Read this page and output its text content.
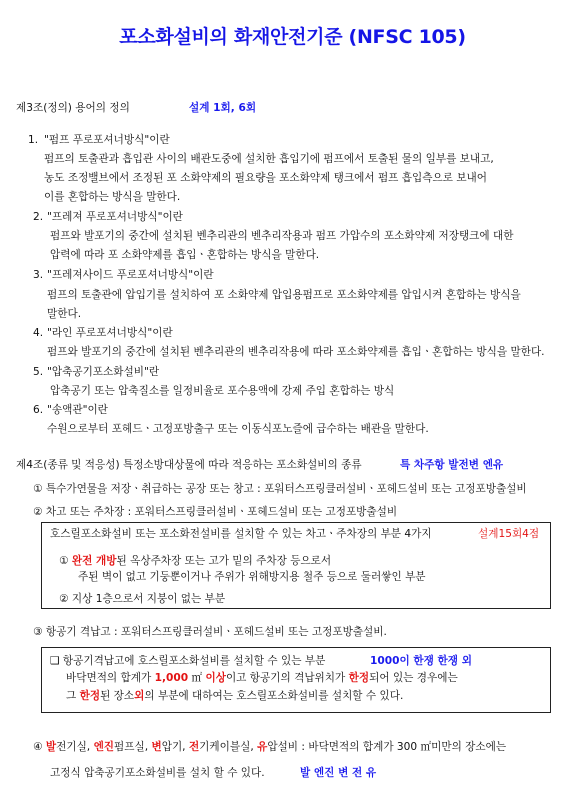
포소화설비의 화재안전기준 (NFSC 105)
제3조(정의) 용어의 정의	설계 1회, 6회
1. "펌프 푸로포셔너방식"이란
펌프의 토출관과 흡입관 사이의 배관도중에 설치한 흡입기에 펌프에서 토출된 물의 일부를 보내고,
농도 조정밸브에서 조정된 포 소화약제의 필요량을 포소화약제 탱크에서 펌프 흡입측으로 보내어
이를 혼합하는 방식을 말한다.
2. "프레져 푸로포셔너방식"이란
펌프와 발포기의 중간에 설치된 벤추리관의 벤추리작용과 펌프 가압수의 포소화약제 저장탱크에 대한
압력에 따라 포 소화약제를 흡입ㆍ혼합하는 방식을 말한다.
3. "프레져사이드 푸로포셔너방식"이란
펌프의 토출관에 압입기를 설치하여 포 소화약제 압입용펌프로 포소화약제를 압입시켜 혼합하는 방식을
말한다.
4. "라인 푸로포셔너방식"이란
펌프와 발포기의 중간에 설치된 벤추리관의 벤추리작용에 따라 포소화약제를 흡입ㆍ혼합하는 방식을 말한다.
5. "압축공기포소화설비"란
압축공기 또는 압축질소를 일정비율로 포수용액에 강제 주입 혼합하는 방식
6. "송액관"이란
수원으로부터 포헤드ㆍ고정포방출구 또는 이동식포노즐에 급수하는 배관을 말한다.
제4조(종류 및 적응성) 특정소방대상물에 따라 적응하는 포소화설비의 종류	특 차주항 발전변 엔유
① 특수가연물을 저장ㆍ취급하는 공장 또는 창고 : 포워터스프링클러설비ㆍ포헤드설비 또는 고정포방출설비
② 차고 또는 주차장 : 포워터스프링클러설비ㆍ포헤드설비 또는 고정포방출설비
호스릴포소화설비 또는 포소화전설비를 설치할 수 있는 차고ㆍ주차장의 부분 4가지	설계15회4점
① 완전 개방된 옥상주차장 또는 고가 밑의 주차장 등으로서
주된 벽이 없고 기둥뿐이거나 주위가 위해방지용 철주 등으로 둘러쌓인 부분
② 지상 1층으로서 지붕이 없는 부분
③ 항공기 격납고 : 포워터스프링클러설비ㆍ포헤드설비 또는 고정포방출설비.
❑ 항공기격납고에 호스릴포소화설비를 설치할 수 있는 부분	1000이 한쟁 한쟁 외
바닥면적의 합계가 1,000 ㎡ 이상이고 항공기의 격납위치가 한정되어 있는 경우에는
그 한정된 장소외의 부분에 대하여는 호스릴포소화설비를 설치할 수 있다.
④ 발전기실, 엔진펌프실, 변압기, 전기케이블실, 유압설비 : 바닥면적의 합계가 300 ㎡미만의 장소에는
고정식 압축공기포소화설비를 설치 할 수 있다.	발 엔진 변 전 유
